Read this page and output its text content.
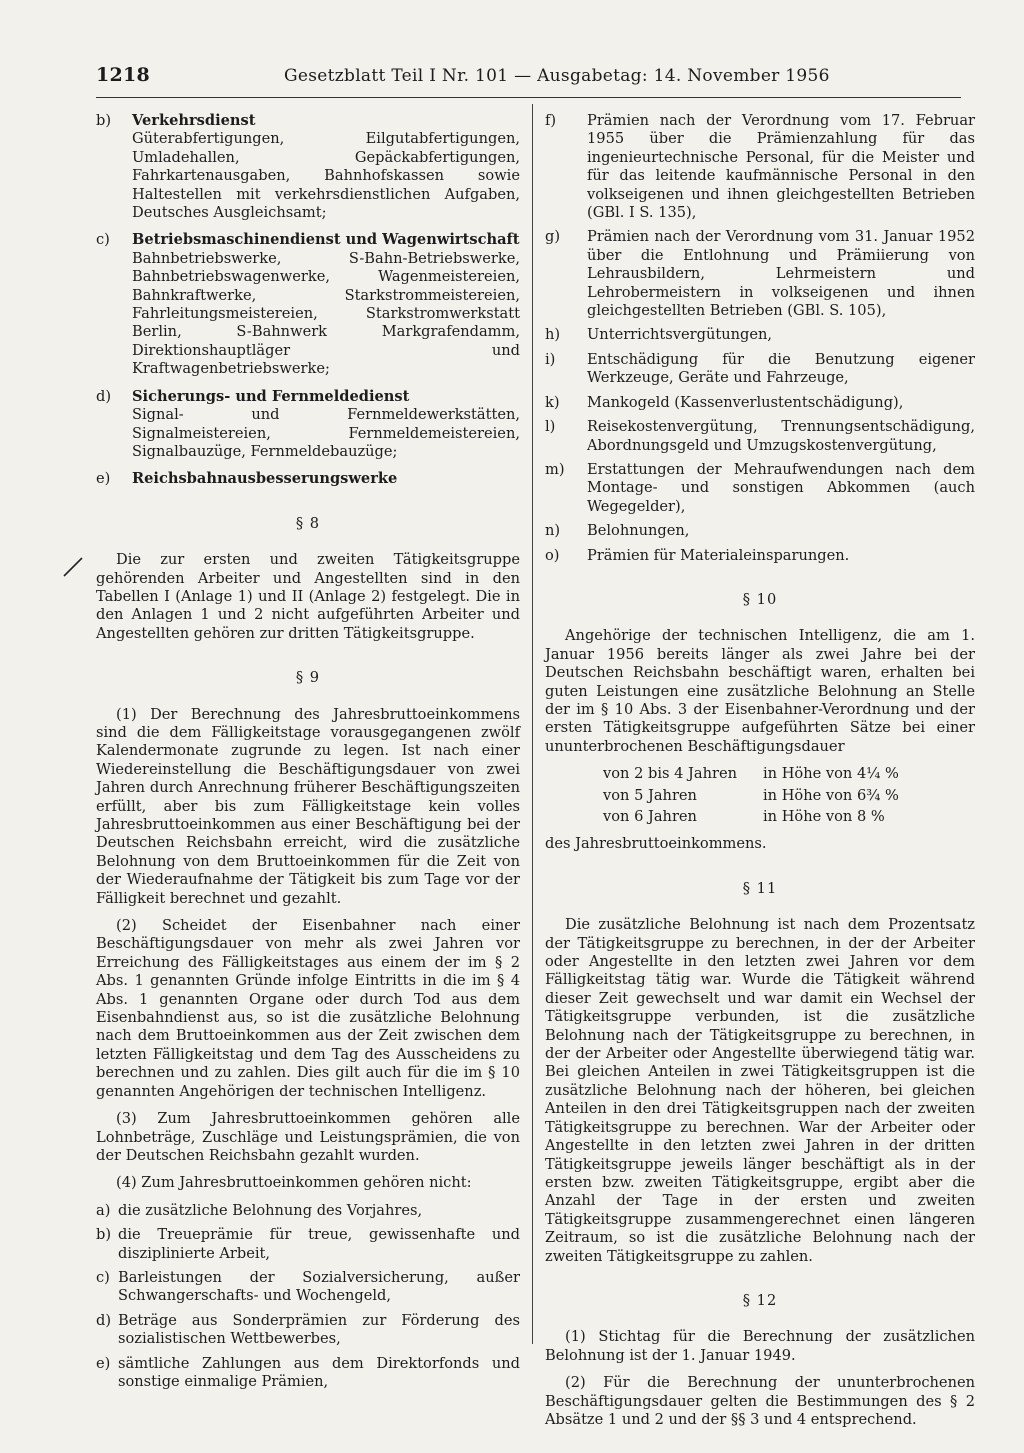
1218	Gesetzblatt Teil I Nr. 101 — Ausgabetag: 14. November 1956
b)	Verkehrsdienst
Güterabfertigungen, Eilgutabfertigungen, Umladehallen, Gepäckabfertigungen, Fahrkartenausgaben, Bahnhofskassen sowie Haltestellen mit verkehrsdienstlichen Aufgaben, Deutsches Ausgleichsamt;
c)	Betriebsmaschinendienst und Wagenwirtschaft
Bahnbetriebswerke, S-Bahn-Betriebswerke, Bahnbetriebswagenwerke, Wagenmeistereien, Bahnkraftwerke, Starkstrommeistereien, Fahrleitungsmeistereien, Starkstromwerkstatt Berlin, S-Bahnwerk Markgrafendamm, Direktionshauptläger und Kraftwagenbetriebswerke;
d)	Sicherungs- und Fernmeldedienst
Signal- und Fernmeldewerkstätten, Signalmeistereien, Fernmeldemeistereien, Signalbauzüge, Fernmeldebauzüge;
e)	Reichsbahnausbesserungswerke
§ 8

Die zur ersten und zweiten Tätigkeitsgruppe gehörenden Arbeiter und Angestellten sind in den Tabellen I (Anlage 1) und II (Anlage 2) festgelegt. Die in den Anlagen 1 und 2 nicht aufgeführten Arbeiter und Angestellten gehören zur dritten Tätigkeitsgruppe.

§ 9

(1) Der Berechnung des Jahresbruttoeinkommens sind die dem Fälligkeitstage vorausgegangenen zwölf Kalendermonate zugrunde zu legen. Ist nach einer Wiedereinstellung die Beschäftigungsdauer von zwei Jahren durch Anrechnung früherer Beschäftigungszeiten erfüllt, aber bis zum Fälligkeitstage kein volles Jahresbruttoeinkommen aus einer Beschäftigung bei der Deutschen Reichsbahn erreicht, wird die zusätzliche Belohnung von dem Bruttoeinkommen für die Zeit von der Wiederaufnahme der Tätigkeit bis zum Tage vor der Fälligkeit berechnet und gezahlt.

(2) Scheidet der Eisenbahner nach einer Beschäftigungsdauer von mehr als zwei Jahren vor Erreichung des Fälligkeitstages aus einem der im § 2 Abs. 1 genannten Gründe infolge Eintritts in die im § 4 Abs. 1 genannten Organe oder durch Tod aus dem Eisenbahndienst aus, so ist die zusätzliche Belohnung nach dem Bruttoeinkommen aus der Zeit zwischen dem letzten Fälligkeitstag und dem Tag des Ausscheidens zu berechnen und zu zahlen. Dies gilt auch für die im § 10 genannten Angehörigen der technischen Intelligenz.

(3) Zum Jahresbruttoeinkommen gehören alle Lohnbeträge, Zuschläge und Leistungsprämien, die von der Deutschen Reichsbahn gezahlt wurden.

(4) Zum Jahresbruttoeinkommen gehören nicht:

a) die zusätzliche Belohnung des Vorjahres,
b) die Treueprämie für treue, gewissenhafte und disziplinierte Arbeit,
c) Barleistungen der Sozialversicherung, außer Schwangerschafts- und Wochengeld,
d) Beträge aus Sonderprämien zur Förderung des sozialistischen Wettbewerbes,
e) sämtliche Zahlungen aus dem Direktorfonds und sonstige einmalige Prämien,
f)	Prämien nach der Verordnung vom 17. Februar 1955 über die Prämienzahlung für das ingenieurtechnische Personal, für die Meister und für das leitende kaufmännische Personal in den volkseigenen und ihnen gleichgestellten Betrieben (GBl. I S. 135),
g)	Prämien nach der Verordnung vom 31. Januar 1952 über die Entlohnung und Prämiierung von Lehrausbildern, Lehrmeistern und Lehrobermeistern in volkseigenen und ihnen gleichgestellten Betrieben (GBl. S. 105),
h)	Unterrichtsvergütungen,
i)	Entschädigung für die Benutzung eigener Werkzeuge, Geräte und Fahrzeuge,
k)	Mankogeld (Kassenverlustentschädigung),
l)	Reisekostenvergütung, Trennungsentschädigung, Abordnungsgeld und Umzugskostenvergütung,
m)	Erstattungen der Mehraufwendungen nach dem Montage- und sonstigen Abkommen (auch Wegegelder),
n)	Belohnungen,
o)	Prämien für Materialeinsparungen.
§ 10

Angehörige der technischen Intelligenz, die am 1. Januar 1956 bereits länger als zwei Jahre bei der Deutschen Reichsbahn beschäftigt waren, erhalten bei guten Leistungen eine zusätzliche Belohnung an Stelle der im § 10 Abs. 3 der Eisenbahner-Verordnung und der ersten Tätigkeitsgruppe aufgeführten Sätze bei einer ununterbrochenen Beschäftigungsdauer

von 2 bis 4 Jahren	in Höhe von 4¼ %
von 5 Jahren	in Höhe von 6¾ %
von 6 Jahren	in Höhe von 8 %

des Jahresbruttoeinkommens.

§ 11

Die zusätzliche Belohnung ist nach dem Prozentsatz der Tätigkeitsgruppe zu berechnen, in der der Arbeiter oder Angestellte in den letzten zwei Jahren vor dem Fälligkeitstag tätig war. Wurde die Tätigkeit während dieser Zeit gewechselt und war damit ein Wechsel der Tätigkeitsgruppe verbunden, ist die zusätzliche Belohnung nach der Tätigkeitsgruppe zu berechnen, in der der Arbeiter oder Angestellte überwiegend tätig war. Bei gleichen Anteilen in zwei Tätigkeitsgruppen ist die zusätzliche Belohnung nach der höheren, bei gleichen Anteilen in den drei Tätigkeitsgruppen nach der zweiten Tätigkeitsgruppe zu berechnen. War der Arbeiter oder Angestellte in den letzten zwei Jahren in der dritten Tätigkeitsgruppe jeweils länger beschäftigt als in der ersten bzw. zweiten Tätigkeitsgruppe, ergibt aber die Anzahl der Tage in der ersten und zweiten Tätigkeitsgruppe zusammengerechnet einen längeren Zeitraum, so ist die zusätzliche Belohnung nach der zweiten Tätigkeitsgruppe zu zahlen.

§ 12

(1) Stichtag für die Berechnung der zusätzlichen Belohnung ist der 1. Januar 1949.

(2) Für die Berechnung der ununterbrochenen Beschäftigungsdauer gelten die Bestimmungen des § 2 Absätze 1 und 2 und der §§ 3 und 4 entsprechend.
